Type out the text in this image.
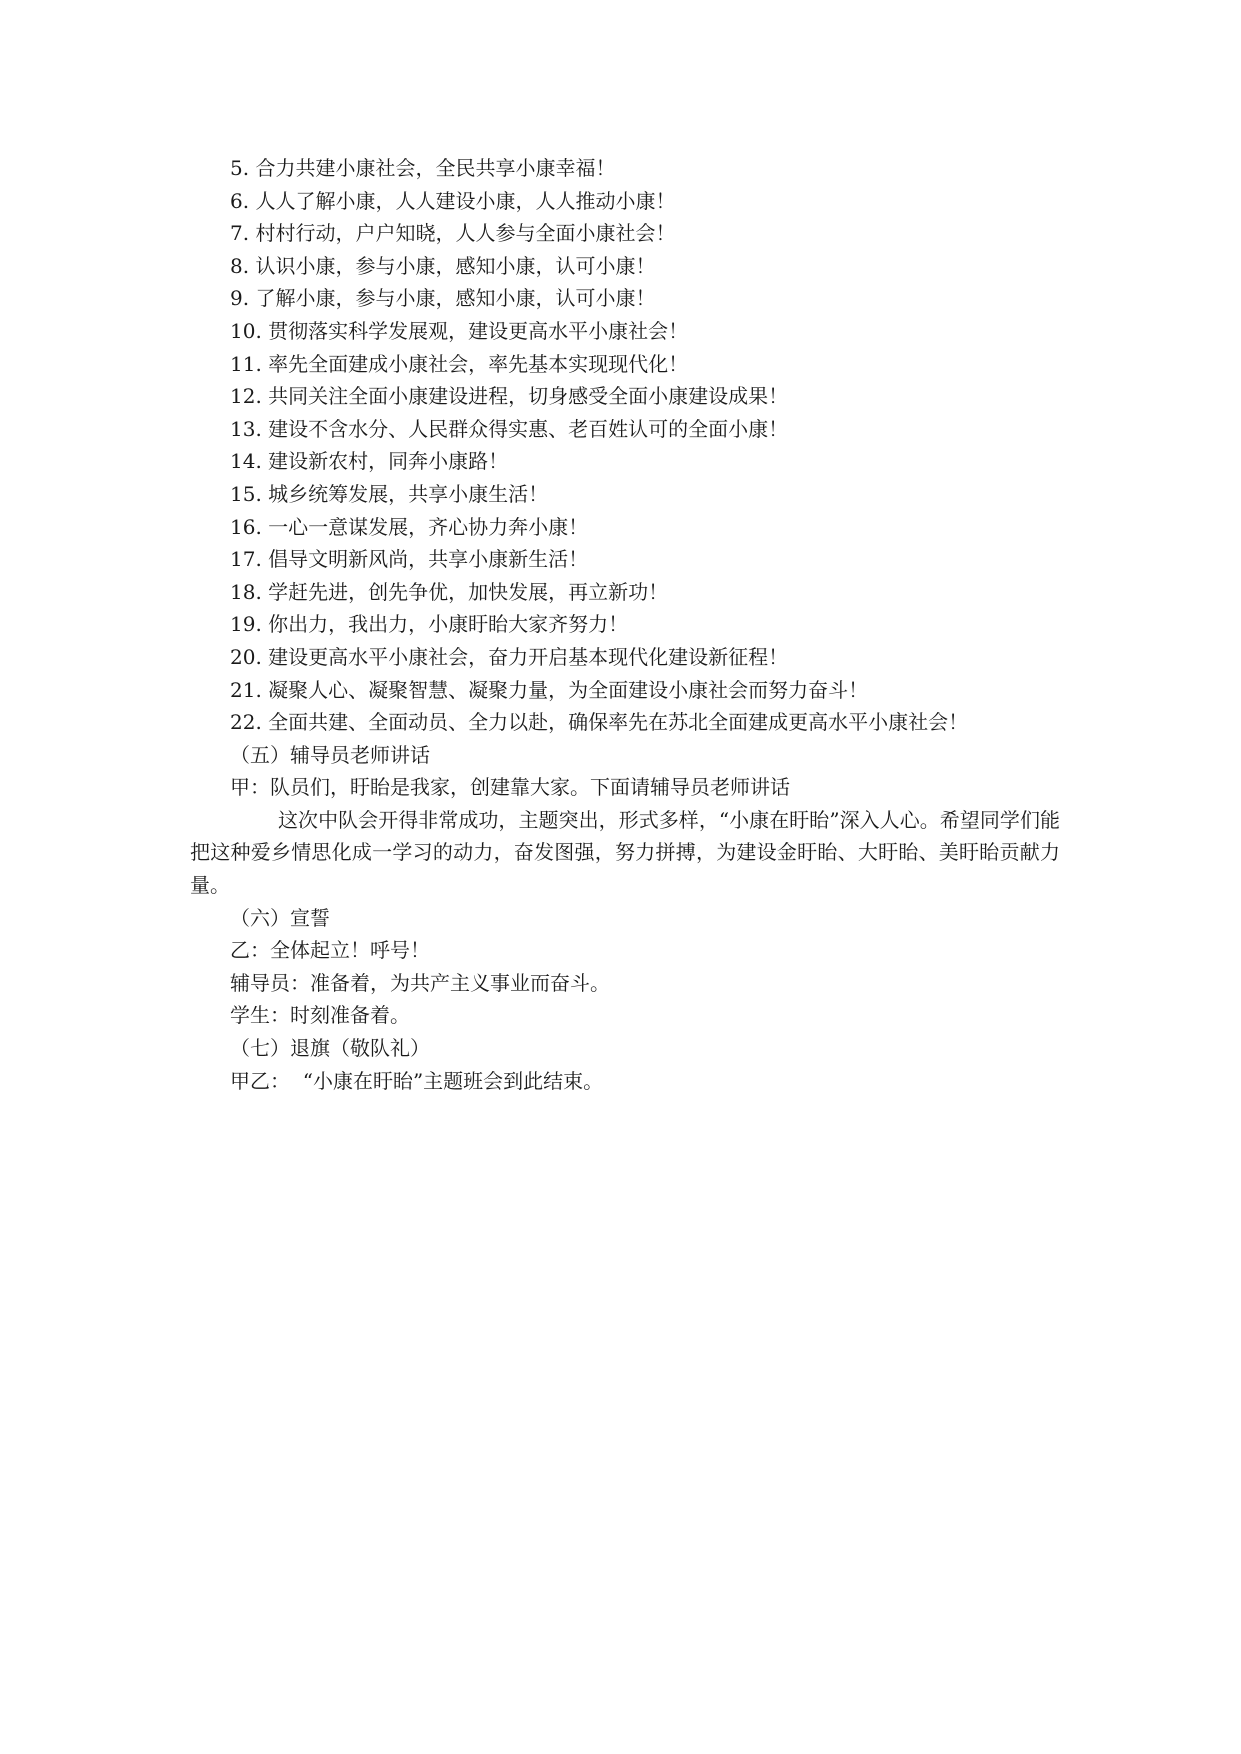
5. 合力共建小康社会，全民共享小康幸福！
6. 人人了解小康，人人建设小康，人人推动小康！
7. 村村行动，户户知晓，人人参与全面小康社会！
8. 认识小康，参与小康，感知小康，认可小康！
9. 了解小康，参与小康，感知小康，认可小康！
10. 贯彻落实科学发展观，建设更高水平小康社会！
11. 率先全面建成小康社会，率先基本实现现代化！
12. 共同关注全面小康建设进程，切身感受全面小康建设成果！
13. 建设不含水分、人民群众得实惠、老百姓认可的全面小康！
14. 建设新农村，同奔小康路！
15. 城乡统筹发展，共享小康生活！
16. 一心一意谋发展，齐心协力奔小康！
17. 倡导文明新风尚，共享小康新生活！
18. 学赶先进，创先争优，加快发展，再立新功！
19. 你出力，我出力，小康盱眙大家齐努力！
20. 建设更高水平小康社会，奋力开启基本现代化建设新征程！
21. 凝聚人心、凝聚智慧、凝聚力量，为全面建设小康社会而努力奋斗！
22. 全面共建、全面动员、全力以赴，确保率先在苏北全面建成更高水平小康社会！
（五）辅导员老师讲话
甲：队员们，盱眙是我家，创建靠大家。下面请辅导员老师讲话
这次中队会开得非常成功，主题突出，形式多样，“小康在盱眙”深入人心。希望同学们能把这种爱乡情思化成一学习的动力，奋发图强，努力拼搏，为建设金盱眙、大盱眙、美盱眙贡献力量。
（六）宣誓
乙：全体起立！呼号！
辅导员：准备着，为共产主义事业而奋斗。
学生：时刻准备着。
（七）退旗（敬队礼）
甲乙：  “小康在盱眙”主题班会到此结束。
